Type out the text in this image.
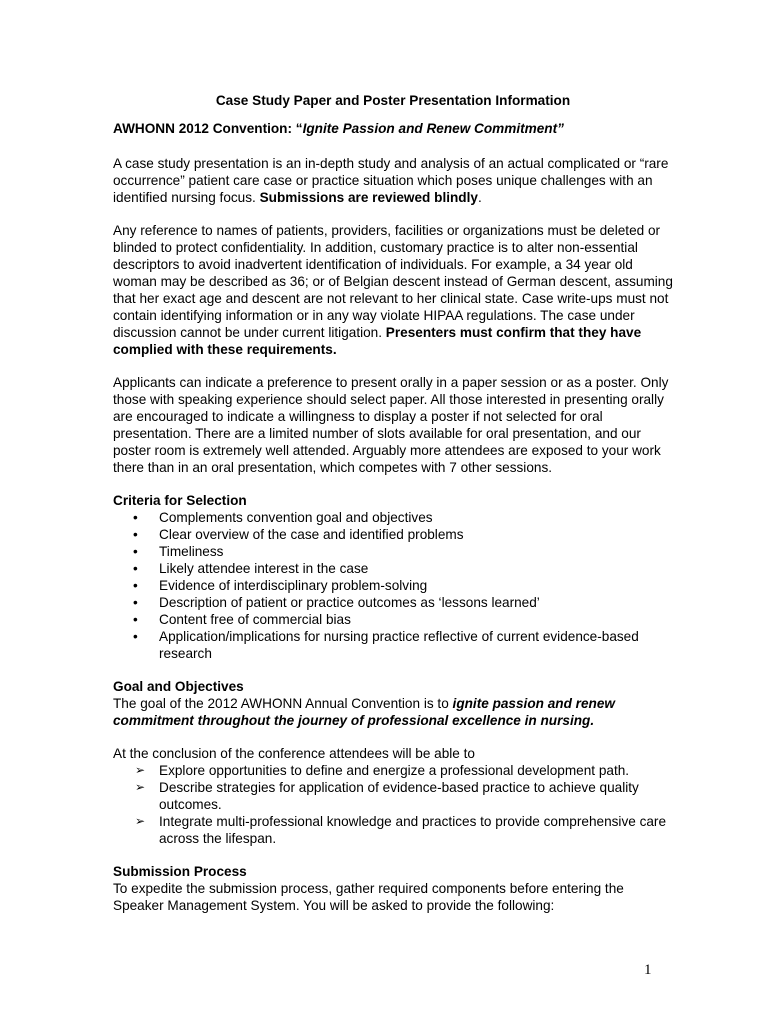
Case Study Paper and Poster Presentation Information
AWHONN 2012 Convention: “Ignite Passion and Renew Commitment”

A case study presentation is an in-depth study and analysis of an actual complicated or “rare occurrence” patient care case or practice situation which poses unique challenges with an identified nursing focus. Submissions are reviewed blindly.

Any reference to names of patients, providers, facilities or organizations must be deleted or blinded to protect confidentiality. In addition, customary practice is to alter non-essential descriptors to avoid inadvertent identification of individuals. For example, a 34 year old woman may be described as 36; or of Belgian descent instead of German descent, assuming that her exact age and descent are not relevant to her clinical state. Case write-ups must not contain identifying information or in any way violate HIPAA regulations. The case under discussion cannot be under current litigation. Presenters must confirm that they have complied with these requirements.

Applicants can indicate a preference to present orally in a paper session or as a poster. Only those with speaking experience should select paper. All those interested in presenting orally are encouraged to indicate a willingness to display a poster if not selected for oral presentation. There are a limited number of slots available for oral presentation, and our poster room is extremely well attended. Arguably more attendees are exposed to your work there than in an oral presentation, which competes with 7 other sessions.

Criteria for Selection
• Complements convention goal and objectives
• Clear overview of the case and identified problems
• Timeliness
• Likely attendee interest in the case
• Evidence of interdisciplinary problem-solving
• Description of patient or practice outcomes as ‘lessons learned’
• Content free of commercial bias
• Application/implications for nursing practice reflective of current evidence-based research
Goal and Objectives

The goal of the 2012 AWHONN Annual Convention is to ignite passion and renew commitment throughout the journey of professional excellence in nursing.

At the conclusion of the conference attendees will be able to
➢ Explore opportunities to define and energize a professional development path.
➢ Describe strategies for application of evidence-based practice to achieve quality outcomes.
➢ Integrate multi-professional knowledge and practices to provide comprehensive care across the lifespan.
Submission Process
To expedite the submission process, gather required components before entering the Speaker Management System. You will be asked to provide the following:
1
